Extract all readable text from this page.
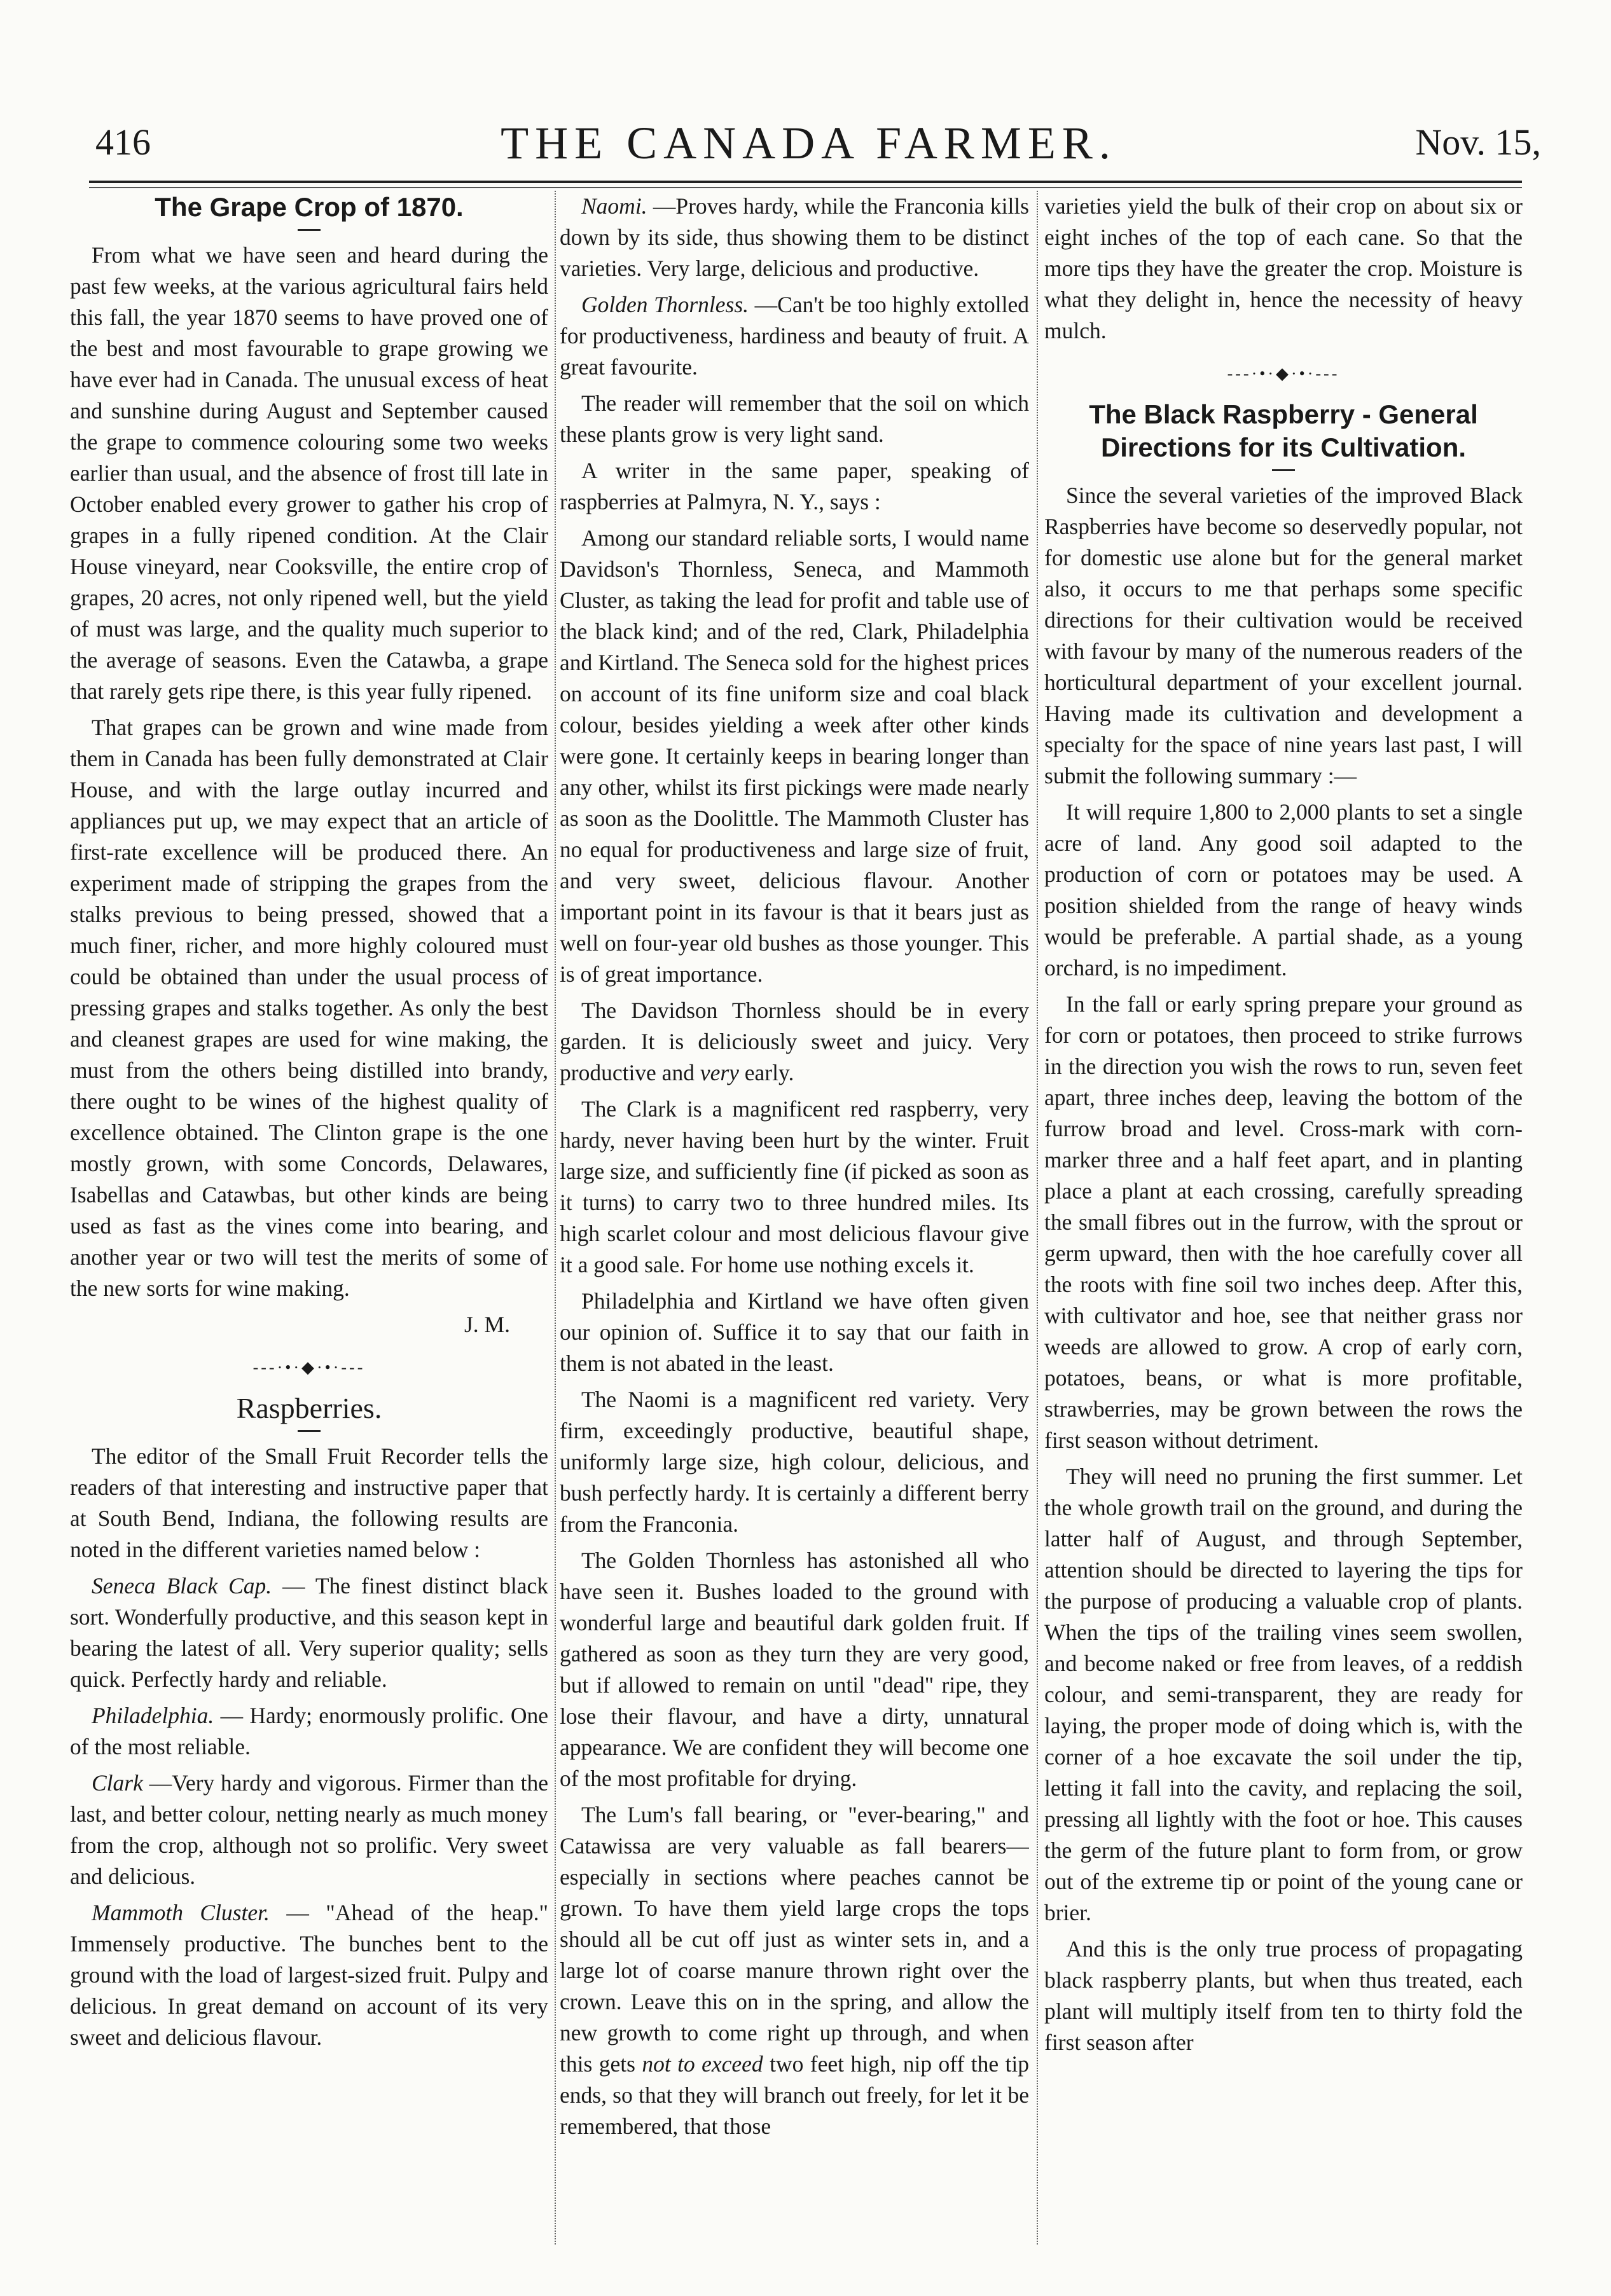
416	THE CANADA FARMER.	Nov. 15,
The Grape Crop of 1870.

From what we have seen and heard during the past few weeks, at the various agricultural fairs held this fall, the year 1870 seems to have proved one of the best and most favourable to grape growing we have ever had in Canada. The unusual excess of heat and sunshine during August and September caused the grape to commence colouring some two weeks earlier than usual, and the absence of frost till late in October enabled every grower to gather his crop of grapes in a fully ripened condition. At the Clair House vineyard, near Cooksville, the entire crop of grapes, 20 acres, not only ripened well, but the yield of must was large, and the quality much superior to the average of seasons. Even the Catawba, a grape that rarely gets ripe there, is this year fully ripened.

That grapes can be grown and wine made from them in Canada has been fully demonstrated at Clair House, and with the large outlay incurred and appliances put up, we may expect that an article of first-rate excellence will be produced there. An experiment made of stripping the grapes from the stalks previous to being pressed, showed that a much finer, richer, and more highly coloured must could be obtained than under the usual process of pressing grapes and stalks together. As only the best and cleanest grapes are used for wine making, the must from the others being distilled into brandy, there ought to be wines of the highest quality of excellence obtained. The Clinton grape is the one mostly grown, with some Concords, Delawares, Isabellas and Catawbas, but other kinds are being used as fast as the vines come into bearing, and another year or two will test the merits of some of the new sorts for wine making.

J. M.
---·•·◆·•·---
Raspberries.

The editor of the Small Fruit Recorder tells the readers of that interesting and instructive paper that at South Bend, Indiana, the following results are noted in the different varieties named below :

Seneca Black Cap. — The finest distinct black sort. Wonderfully productive, and this season kept in bearing the latest of all. Very superior quality; sells quick. Perfectly hardy and reliable.

Philadelphia. — Hardy; enormously prolific. One of the most reliable.

Clark —Very hardy and vigorous. Firmer than the last, and better colour, netting nearly as much money from the crop, although not so prolific. Very sweet and delicious.

Mammoth Cluster. — "Ahead of the heap." Immensely productive. The bunches bent to the ground with the load of largest-sized fruit. Pulpy and delicious. In great demand on account of its very sweet and delicious flavour.

Naomi. —Proves hardy, while the Franconia kills down by its side, thus showing them to be distinct varieties. Very large, delicious and productive.

Golden Thornless. —Can't be too highly extolled for productiveness, hardiness and beauty of fruit. A great favourite.

The reader will remember that the soil on which these plants grow is very light sand.

A writer in the same paper, speaking of raspberries at Palmyra, N. Y., says :

Among our standard reliable sorts, I would name Davidson's Thornless, Seneca, and Mammoth Cluster, as taking the lead for profit and table use of the black kind; and of the red, Clark, Philadelphia and Kirtland. The Seneca sold for the highest prices on account of its fine uniform size and coal black colour, besides yielding a week after other kinds were gone. It certainly keeps in bearing longer than any other, whilst its first pickings were made nearly as soon as the Doolittle. The Mammoth Cluster has no equal for productiveness and large size of fruit, and very sweet, delicious flavour. Another important point in its favour is that it bears just as well on four-year old bushes as those younger. This is of great importance.

The Davidson Thornless should be in every garden. It is deliciously sweet and juicy. Very productive and very early.

The Clark is a magnificent red raspberry, very hardy, never having been hurt by the winter. Fruit large size, and sufficiently fine (if picked as soon as it turns) to carry two to three hundred miles. Its high scarlet colour and most delicious flavour give it a good sale. For home use nothing excels it.

Philadelphia and Kirtland we have often given our opinion of. Suffice it to say that our faith in them is not abated in the least.

The Naomi is a magnificent red variety. Very firm, exceedingly productive, beautiful shape, uniformly large size, high colour, delicious, and bush perfectly hardy. It is certainly a different berry from the Franconia.

The Golden Thornless has astonished all who have seen it. Bushes loaded to the ground with wonderful large and beautiful dark golden fruit. If gathered as soon as they turn they are very good, but if allowed to remain on until "dead" ripe, they lose their flavour, and have a dirty, unnatural appearance. We are confident they will become one of the most profitable for drying.

The Lum's fall bearing, or "ever-bearing," and Catawissa are very valuable as fall bearers—especially in sections where peaches cannot be grown. To have them yield large crops the tops should all be cut off just as winter sets in, and a large lot of coarse manure thrown right over the crown. Leave this on in the spring, and allow the new growth to come right up through, and when this gets not to exceed two feet high, nip off the tip ends, so that they will branch out freely, for let it be remembered, that those

varieties yield the bulk of their crop on about six or eight inches of the top of each cane. So that the more tips they have the greater the crop. Moisture is what they delight in, hence the necessity of heavy mulch.

---·•·◆·•·---
The Black Raspberry - General Directions for its Cultivation.

Since the several varieties of the improved Black Raspberries have become so deservedly popular, not for domestic use alone but for the general market also, it occurs to me that perhaps some specific directions for their cultivation would be received with favour by many of the numerous readers of the horticultural department of your excellent journal. Having made its cultivation and development a specialty for the space of nine years last past, I will submit the following summary :—

It will require 1,800 to 2,000 plants to set a single acre of land. Any good soil adapted to the production of corn or potatoes may be used. A position shielded from the range of heavy winds would be preferable. A partial shade, as a young orchard, is no impediment.

In the fall or early spring prepare your ground as for corn or potatoes, then proceed to strike furrows in the direction you wish the rows to run, seven feet apart, three inches deep, leaving the bottom of the furrow broad and level. Cross-mark with corn-marker three and a half feet apart, and in planting place a plant at each crossing, carefully spreading the small fibres out in the furrow, with the sprout or germ upward, then with the hoe carefully cover all the roots with fine soil two inches deep. After this, with cultivator and hoe, see that neither grass nor weeds are allowed to grow. A crop of early corn, potatoes, beans, or what is more profitable, strawberries, may be grown between the rows the first season without detriment.

They will need no pruning the first summer. Let the whole growth trail on the ground, and during the latter half of August, and through September, attention should be directed to layering the tips for the purpose of producing a valuable crop of plants. When the tips of the trailing vines seem swollen, and become naked or free from leaves, of a reddish colour, and semi-transparent, they are ready for laying, the proper mode of doing which is, with the corner of a hoe excavate the soil under the tip, letting it fall into the cavity, and replacing the soil, pressing all lightly with the foot or hoe. This causes the germ of the future plant to form from, or grow out of the extreme tip or point of the young cane or brier.

And this is the only true process of propagating black raspberry plants, but when thus treated, each plant will multiply itself from ten to thirty fold the first season after
